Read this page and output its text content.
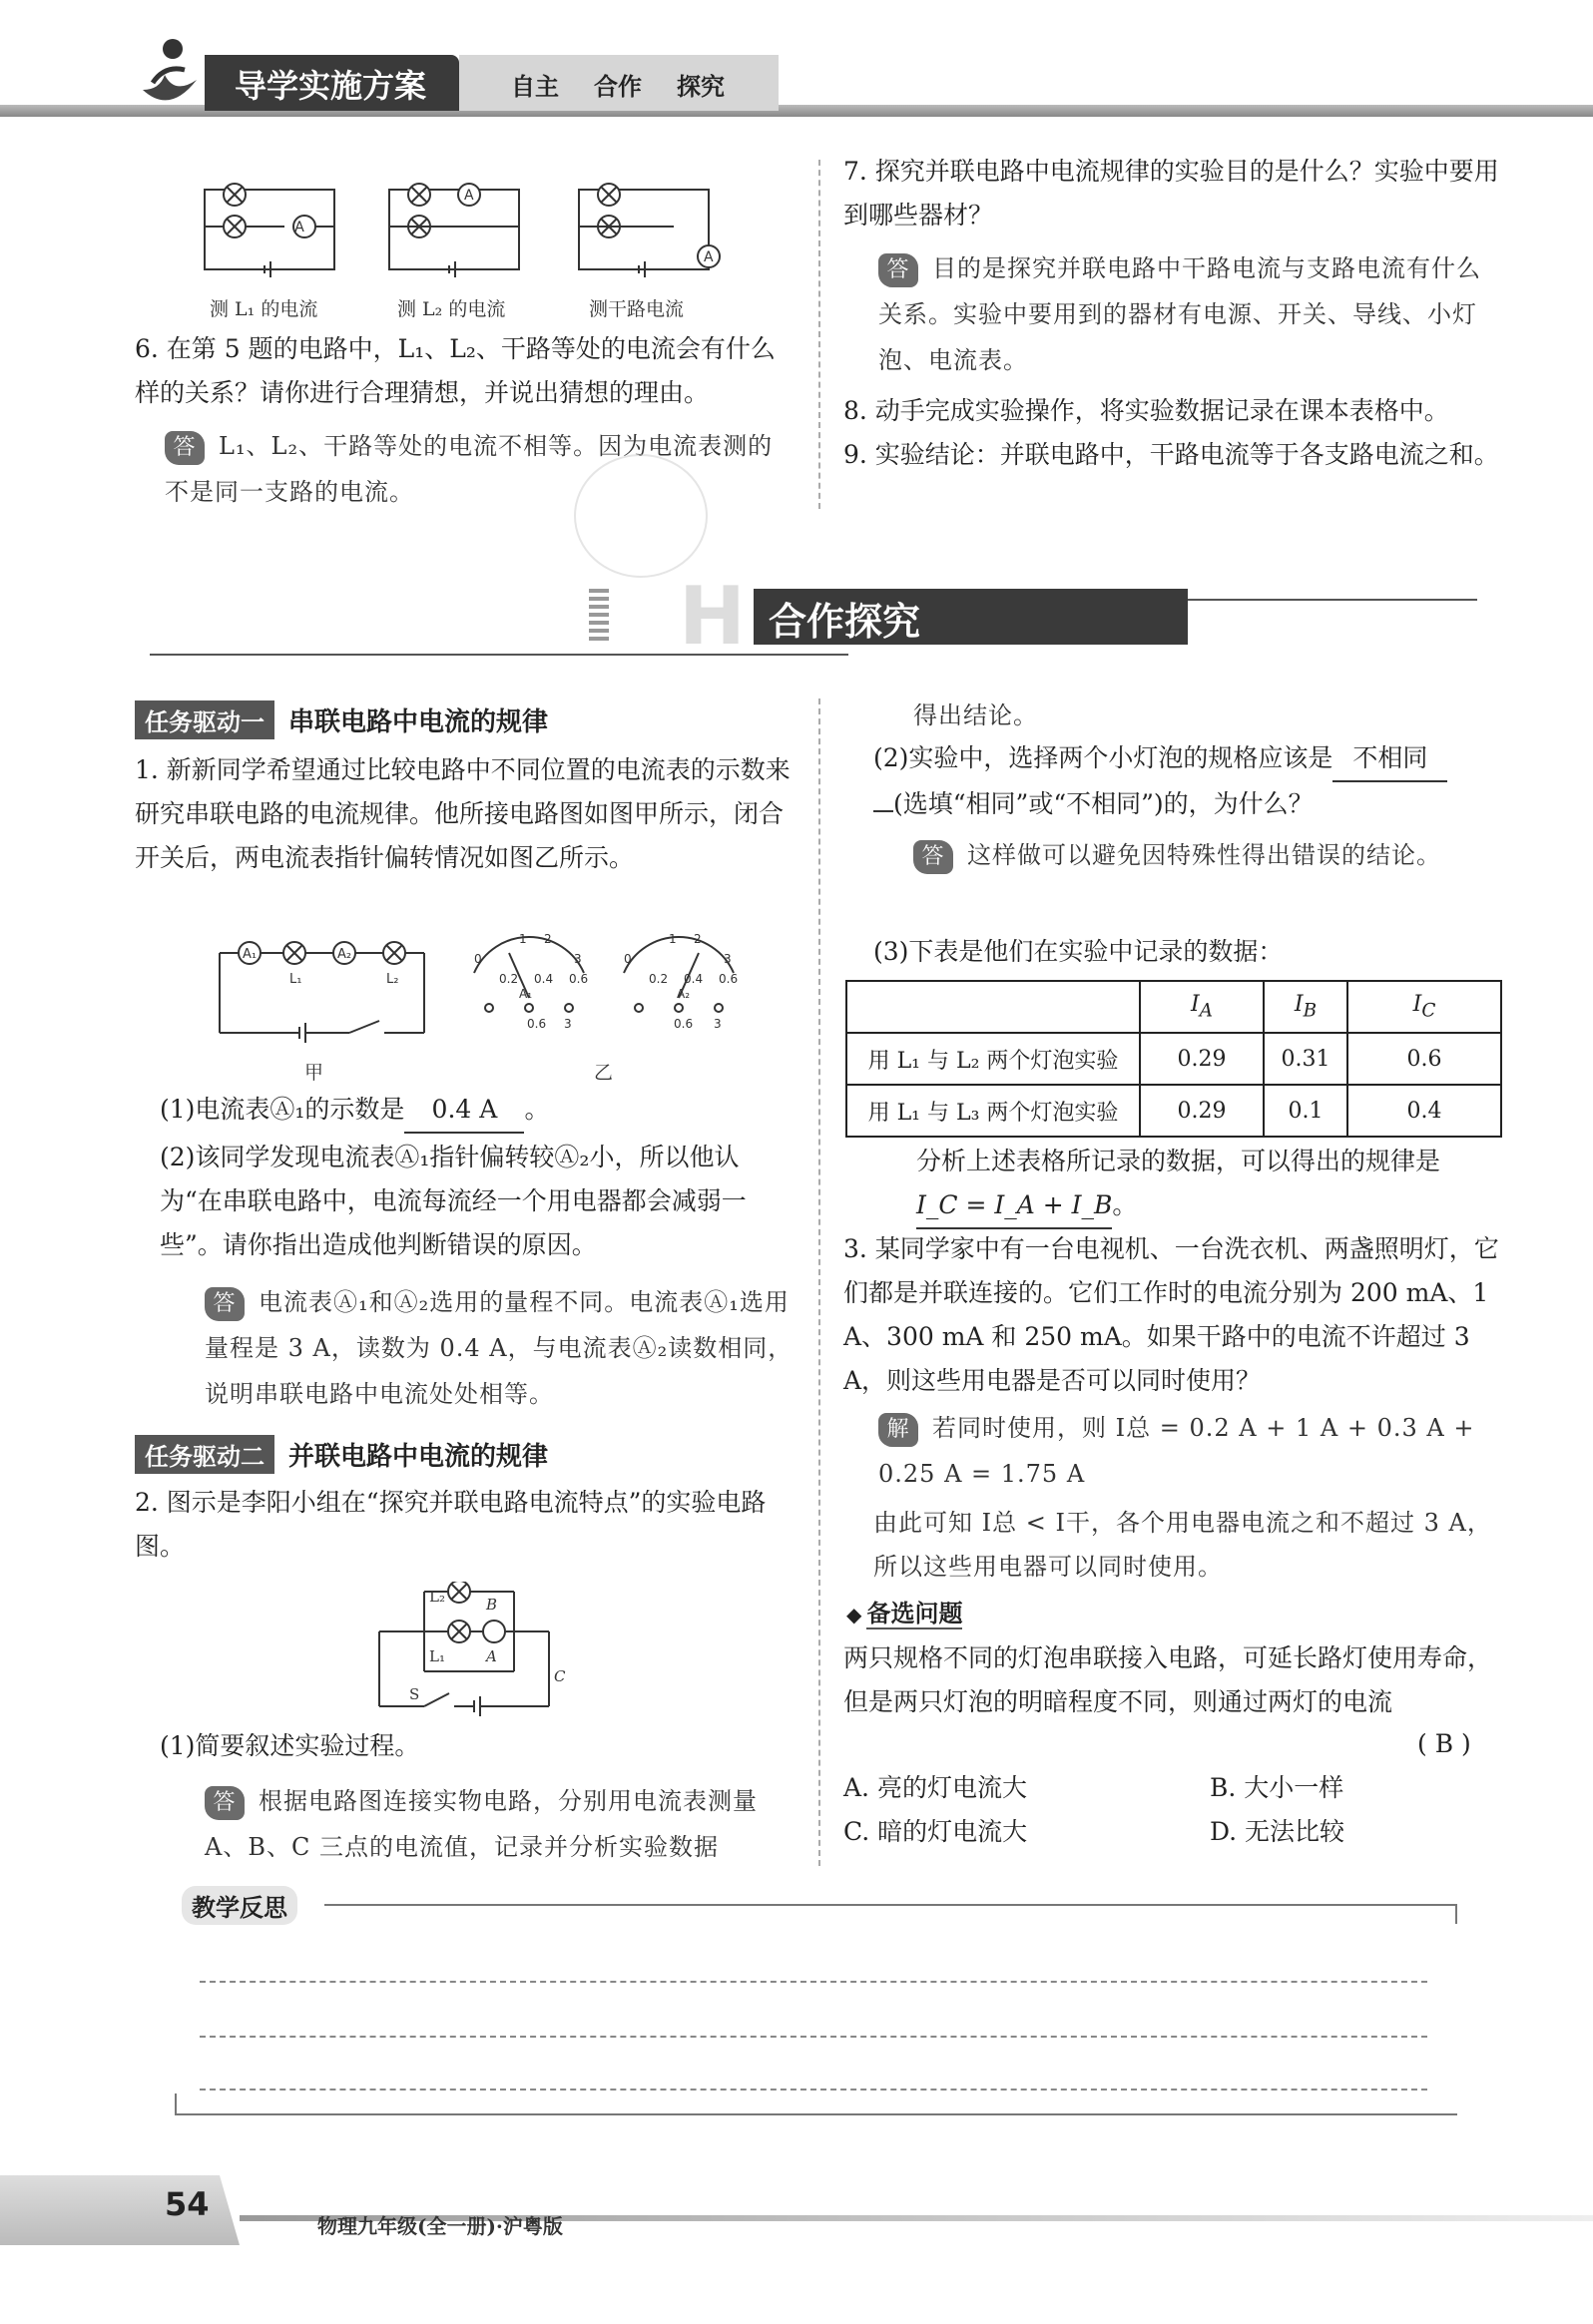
导学实施方案	自主 合作 探究
A
A
A
测 L₁ 的电流	测 L₂ 的电流	测干路电流
6. 在第 5 题的电路中，L₁、L₂、干路等处的电流会有什么样的关系？请你进行合理猜想，并说出猜想的理由。
答 L₁、L₂、干路等处的电流不相等。因为电流表测的不是同一支路的电流。
7. 探究并联电路中电流规律的实验目的是什么？实验中要用到哪些器材？
答 目的是探究并联电路中干路电流与支路电流有什么关系。实验中要用到的器材有电源、开关、导线、小灯泡、电流表。
8. 动手完成实验操作，将实验数据记录在课本表格中。
9. 实验结论：并联电路中，干路电流等于各支路电流之和。
H 合作探究
任务驱动一 串联电路中电流的规律
1. 新新同学希望通过比较电路中不同位置的电流表的示数来研究串联电路的电流规律。他所接电路图如图甲所示，闭合开关后，两电流表指针偏转情况如图乙所示。
A₁	A₂
L₁	L₂
甲
0
1 2
3
0.2 0.4 0.6
A₁
0
1 2
3
0.2 0.4 0.6
A₂
0.6 3	0.6 3
乙
(1)电流表Ⓐ₁的示数是 0.4 A 。
(2)该同学发现电流表Ⓐ₁指针偏转较Ⓐ₂小，所以他认为“在串联电路中，电流每流经一个用电器都会减弱一些”。请你指出造成他判断错误的原因。
答 电流表Ⓐ₁和Ⓐ₂选用的量程不同。电流表Ⓐ₁选用量程是 3 A，读数为 0.4 A，与电流表Ⓐ₂读数相同，说明串联电路中电流处处相等。
任务驱动二 并联电路中电流的规律
2. 图示是李阳小组在“探究并联电路电流特点”的实验电路图。
L₂	B
L₁	A
C
S
(1)简要叙述实验过程。
答 根据电路图连接实物电路，分别用电流表测量 A、B、C 三点的电流值，记录并分析实验数据
得出结论。
(2)实验中，选择两个小灯泡的规格应该是 不相同
(选填“相同”或“不相同”)的，为什么？
答 这样做可以避免因特殊性得出错误的结论。
(3)下表是他们在实验中记录的数据：
	$I_A$	$I_B$	$I_C$
用 L₁ 与 L₂ 两个灯泡实验	0.29	0.31	0.6
用 L₁ 与 L₃ 两个灯泡实验	0.29	0.1	0.4
分析上述表格所记录的数据，可以得出的规律是
I_C = I_A + I_B。
3. 某同学家中有一台电视机、一台洗衣机、两盏照明灯，它们都是并联连接的。它们工作时的电流分别为 200 mA、1 A、300 mA 和 250 mA。如果干路中的电流不许超过 3 A，则这些用电器是否可以同时使用？
解 若同时使用，则 I总 = 0.2 A + 1 A + 0.3 A + 0.25 A = 1.75 A
由此可知 I总 < I干，各个用电器电流之和不超过 3 A，所以这些用电器可以同时使用。
◆ 备选问题
两只规格不同的灯泡串联接入电路，可延长路灯使用寿命，但是两只灯泡的明暗程度不同，则通过两灯的电流
( B )
A. 亮的灯电流大	B. 大小一样
C. 暗的灯电流大	D. 无法比较
教学反思
54
物理九年级(全一册)·沪粤版
